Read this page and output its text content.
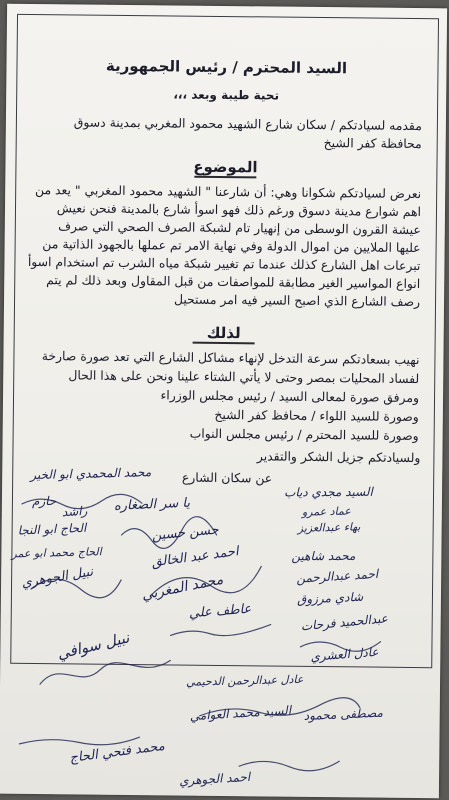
السيد المحترم / رئيس الجمهورية
تحية طيبة وبعد ،،،
مقدمه لسيادتكم / سكان شارع الشهيد محمود المغربي بمدينة دسوق
محافظة كفر الشيخ
الموضوع
نعرض لسيادتكم شكوانا وهي: أن شارعنا " الشهيد محمود المغربي " يعد من
اهم شوارع مدينة دسوق ورغم ذلك فهو اسوأ شارع بالمدينة فنحن نعيش
عيشة القرون الوسطى من إنهيار تام لشبكة الصرف الصحي التي صرف
عليها الملايين من اموال الدولة وفي نهاية الامر تم عملها بالجهود الذاتية من
تبرعات اهل الشارع كذلك عندما تم تغيير شبكة مياه الشرب تم استخدام اسوأ
انواع المواسير الغير مطابقة للمواصفات من قبل المقاول وبعد ذلك لم يتم
رصف الشارع الذي اصبح السير فيه امر مستحيل
لذلك
نهيب بسعادتكم سرعة التدخل لإنهاء مشاكل الشارع التي تعد صورة صارخة
لفساد المحليات بمصر وحتى لا يأتي الشتاء علينا ونحن على هذا الحال
ومرفق صورة لمعالى السيد / رئيس مجلس الوزراء
وصورة للسيد اللواء / محافظ كفر الشيخ
وصورة للسيد المحترم / رئيس مجلس النواب
ولسيادتكم جزيل الشكر والتقدير
عن سكان الشارع
محمد المحمدي ابو الخير
يا سر الصغاره
راشد
حازم
السيد مجدي دياب
عماد عمرو
بهاء عبدالعزيز
حسن حسين
احمد عبد الخالق
الحاج ابو النجا
محمد شاهين
الحاج محمد ابو عمر
محمد المغربي	احمد عبدالرحمن
نبيل الجوهري
عاطف علي
شادي مرزوق
عبدالحميد فرحات
نبيل سوافي
عادل عبدالرحمن الدحيمي
عادل العشري
السيد محمد العوامي
محمد فتحي الحاج
مصطفى محمود
احمد الجوهري
